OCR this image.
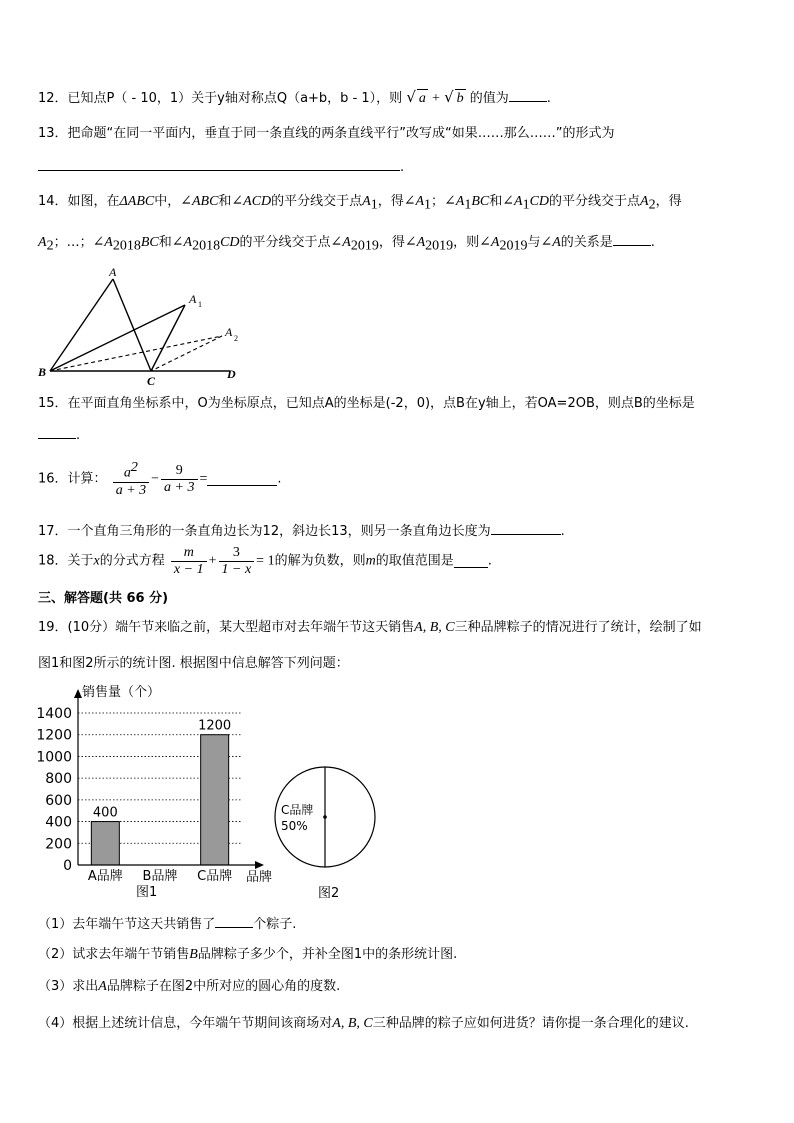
12．已知点P（ - 10，1）关于y轴对称点Q（a+b，b - 1），则 √ a + √ b 的值为	.
13．把命题“在同一平面内，垂直于同一条直线的两条直线平行”改写成“如果……那么……”的形式为
.
14．如图，在ΔABC中，∠ABC和∠ACD的平分线交于点$A_1$，得$\angle A_1$；$\angle A_1BC$和$\angle A_1CD$的平分线交于点$A_2$，得
$A_2$；…；$\angle A_{2018}BC$和$\angle A_{2018}CD$的平分线交于点$\angle A_{2019}$，得$\angle A_{2019}$，则$\angle A_{2019}$与∠A的关系是	.
A
A 1
A 2
B
C	D
15．在平面直角坐标系中，O为坐标原点，已知点A的坐标是(-2，0)，点B在y轴上，若OA=2OB，则点B的坐标是
.
16．计算： $\frac{a^2}{a + 3} - \frac{9}{a + 3}$ =	.
17．一个直角三角形的一条直角边长为12，斜边长13，则另一条直角边长度为	.
18．关于x的分式方程 $\frac{m}{x - 1} + \frac{3}{1 - x} = 1$的解为负数，则m的取值范围是	.
三、解答题(共 66 分)
19．(10分）端午节来临之前，某大型超市对去年端午节这天销售A, B, C三种品牌粽子的情况进行了统计，绘制了如
图1和图2所示的统计图. 根据图中信息解答下列问题：
0
200
400
600
800
1000
1200
1400
400
1200
A品牌 B品牌 C品牌
销售量（个）
品牌
图1
C品牌
50%
图2
（1）去年端午节这天共销售了	个粽子.
（2）试求去年端午节销售B品牌粽子多少个，并补全图1中的条形统计图.
（3）求出A品牌粽子在图2中所对应的圆心角的度数.
（4）根据上述统计信息，今年端午节期间该商场对A, B, C三种品牌的粽子应如何进货？请你提一条合理化的建议.
